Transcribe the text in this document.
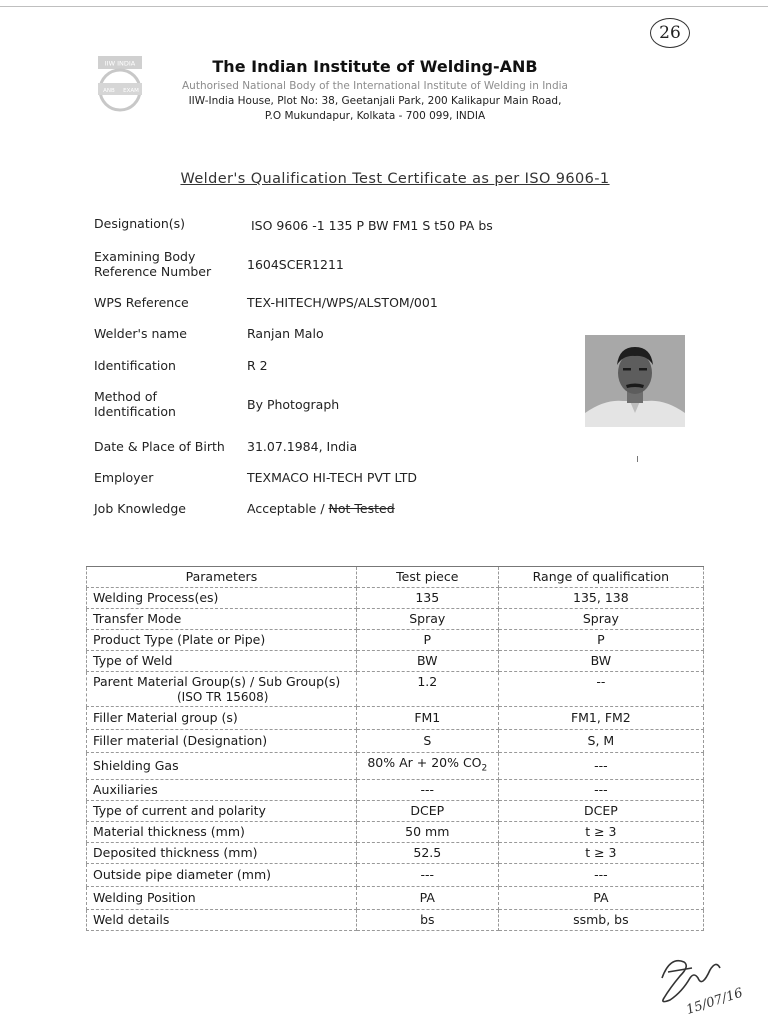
26
IIW INDIA
ANB EXAM
The Indian Institute of Welding-ANB
Authorised National Body of the International Institute of Welding in India
IIW-India House, Plot No: 38, Geetanjali Park, 200 Kalikapur Main Road,
P.O Mukundapur, Kolkata - 700 099, INDIA
Welder's Qualification Test Certificate as per ISO 9606-1
Designation(s)	ISO 9606 -1 135 P BW FM1 S t50 PA bs
Examining Body
Reference Number	1604SCER1211
WPS Reference	TEX-HITECH/WPS/ALSTOM/001
Welder's name	Ranjan Malo
Identification	R 2
Method of
Identification	By Photograph
Date & Place of Birth 31.07.1984, India
Employer	TEXMACO HI-TECH PVT LTD
Job Knowledge	Acceptable / Not Tested
Parameters	Test piece	Range of qualification
Welding Process(es)	135	135, 138
Transfer Mode	Spray	Spray
Product Type (Plate or Pipe)	P	P
Type of Weld	BW	BW
Parent Material Group(s) / Sub Group(s)
(ISO TR 15608)	1.2	--
Filler Material group (s)	FM1	FM1, FM2
Filler material (Designation)	S	S, M
Shielding Gas	80% Ar + 20% $CO_2$	---
Auxiliaries	---	---
Type of current and polarity	DCEP	DCEP
Material thickness (mm)	50 mm	t ≥ 3
Deposited thickness (mm)	52.5	t ≥ 3
Outside pipe diameter (mm)	---	---
Welding Position	PA	PA
Weld details	bs	ssmb, bs
15/07/16
